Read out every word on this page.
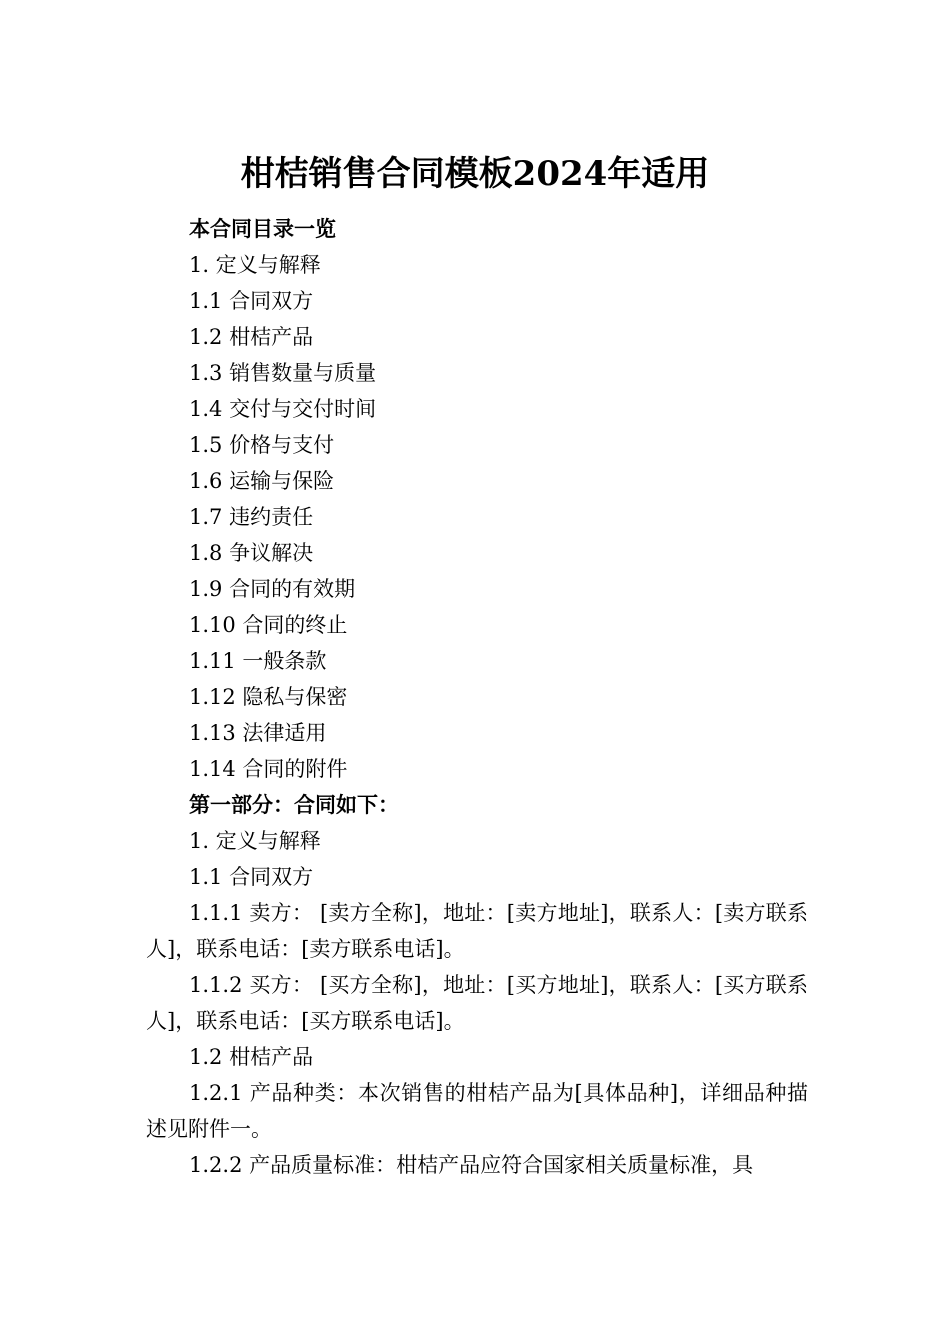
柑桔销售合同模板2024年适用
本合同目录一览
1. 定义与解释
1.1 合同双方
1.2 柑桔产品
1.3 销售数量与质量
1.4 交付与交付时间
1.5 价格与支付
1.6 运输与保险
1.7 违约责任
1.8 争议解决
1.9 合同的有效期
1.10 合同的终止
1.11 一般条款
1.12 隐私与保密
1.13 法律适用
1.14 合同的附件
第一部分：合同如下：
1. 定义与解释
1.1 合同双方
1.1.1 卖方： [卖方全称]，地址：[卖方地址]，联系人：[卖方联系人]，联系电话：[卖方联系电话]。
1.1.2 买方： [买方全称]，地址：[买方地址]，联系人：[买方联系人]，联系电话：[买方联系电话]。
1.2 柑桔产品
1.2.1 产品种类：本次销售的柑桔产品为[具体品种]，详细品种描述见附件一。
1.2.2 产品质量标准：柑桔产品应符合国家相关质量标准，具
